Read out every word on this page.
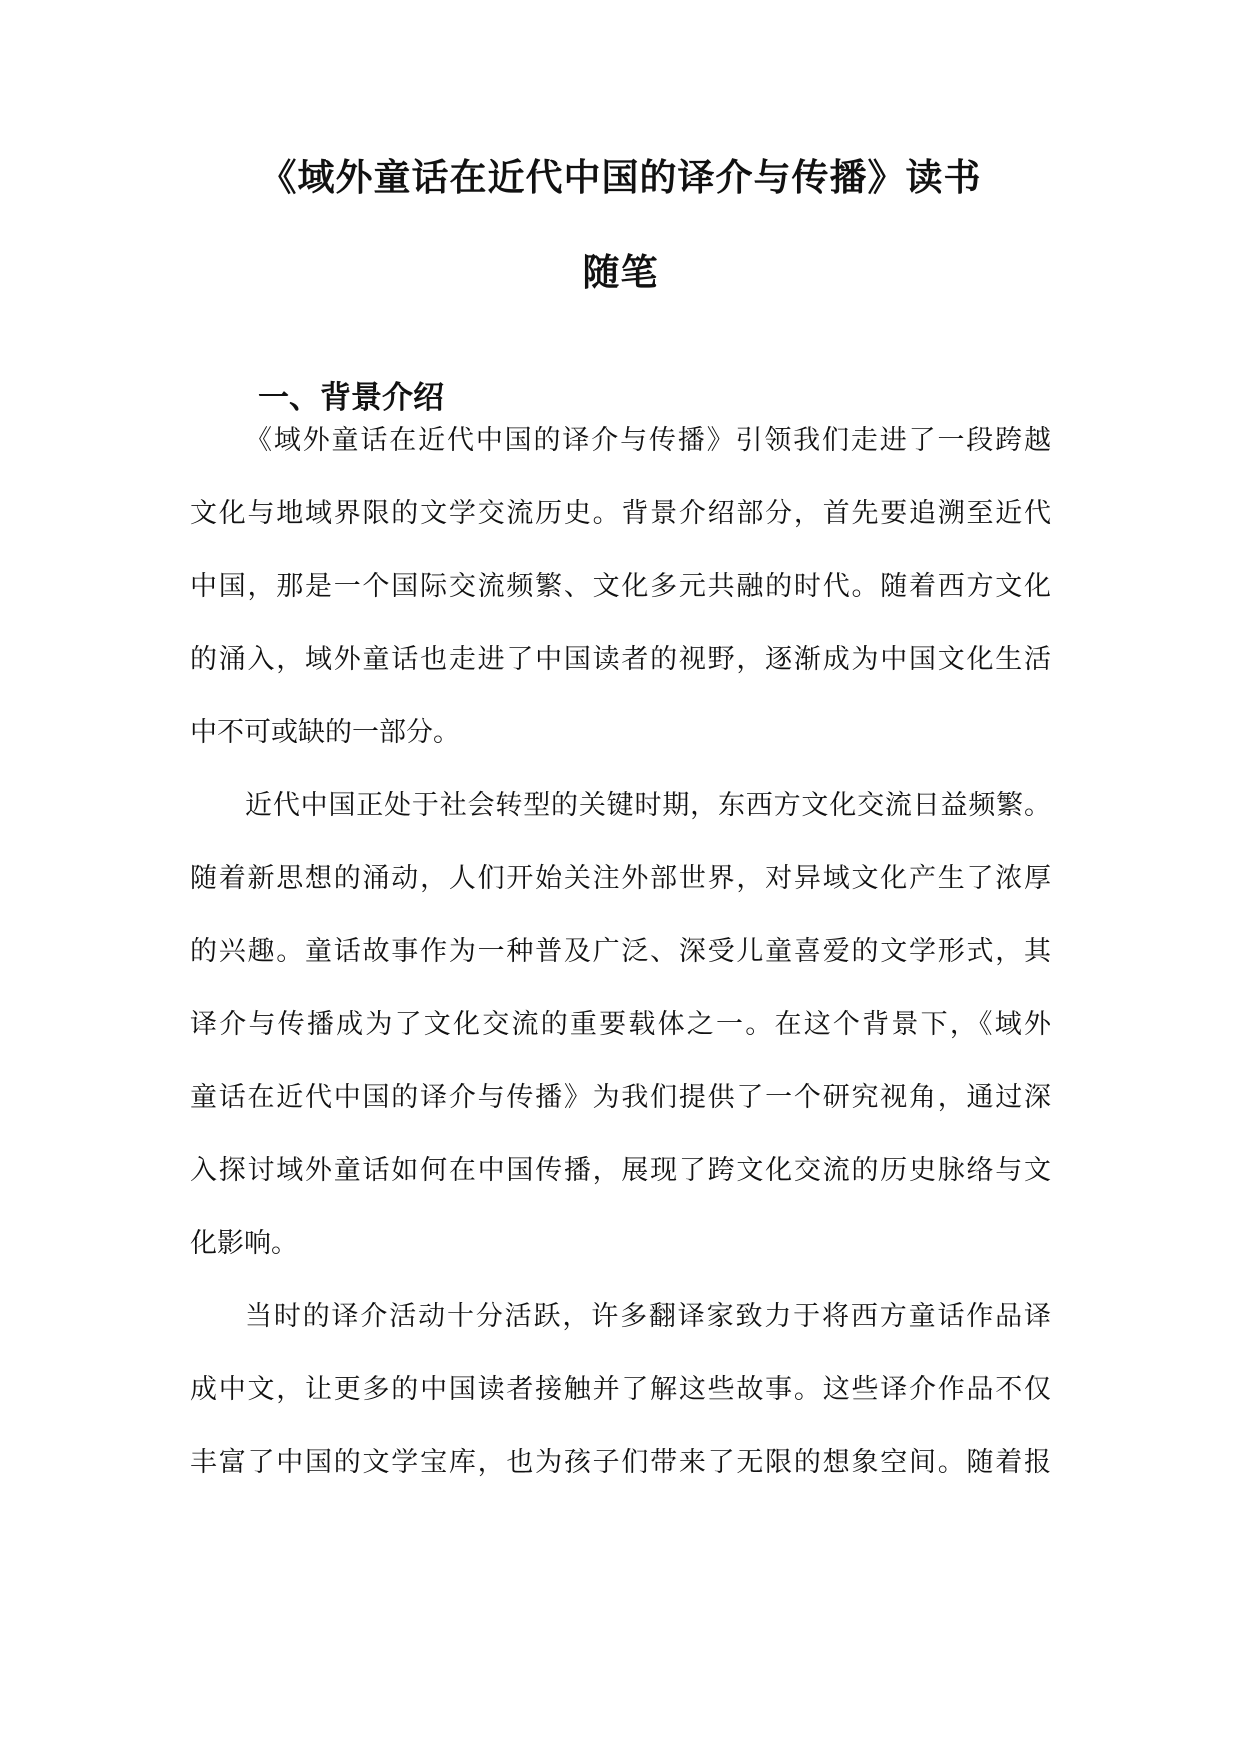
《域外童话在近代中国的译介与传播》读书
随笔
一、背景介绍
《域外童话在近代中国的译介与传播》引领我们走进了一段跨越
文化与地域界限的文学交流历史。背景介绍部分，首先要追溯至近代
中国，那是一个国际交流频繁、文化多元共融的时代。随着西方文化
的涌入，域外童话也走进了中国读者的视野，逐渐成为中国文化生活
中不可或缺的一部分。
近代中国正处于社会转型的关键时期，东西方文化交流日益频繁。
随着新思想的涌动，人们开始关注外部世界，对异域文化产生了浓厚
的兴趣。童话故事作为一种普及广泛、深受儿童喜爱的文学形式，其
译介与传播成为了文化交流的重要载体之一。在这个背景下，《域外
童话在近代中国的译介与传播》为我们提供了一个研究视角，通过深
入探讨域外童话如何在中国传播，展现了跨文化交流的历史脉络与文
化影响。
当时的译介活动十分活跃，许多翻译家致力于将西方童话作品译
成中文，让更多的中国读者接触并了解这些故事。这些译介作品不仅
丰富了中国的文学宝库，也为孩子们带来了无限的想象空间。随着报
